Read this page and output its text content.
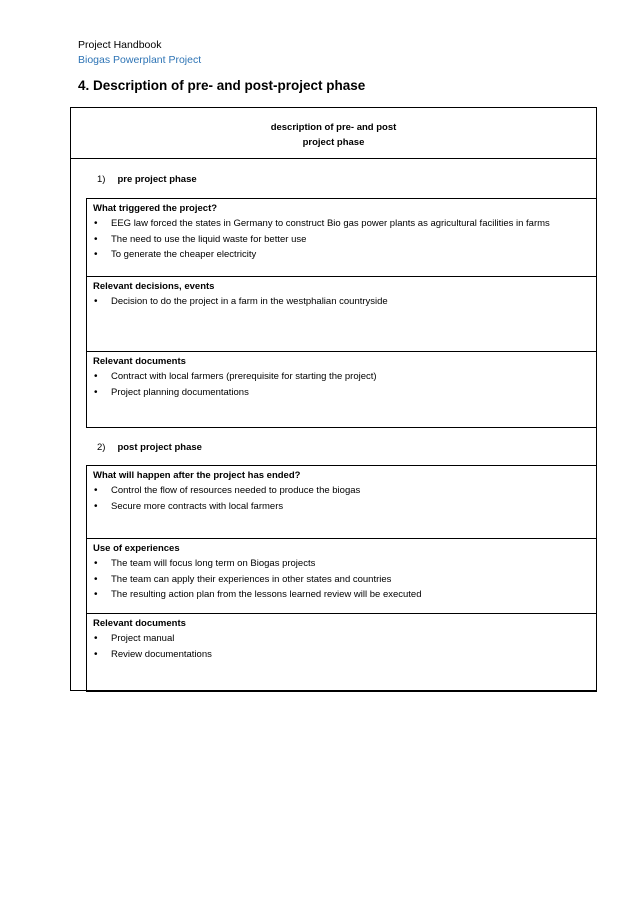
Project Handbook
Biogas Powerplant Project
4. Description of pre- and post-project phase
description of pre- and post
project phase
1) pre project phase
What triggered the project?
• EEG law forced the states in Germany to construct Bio gas power plants as agricultural facilities in farms
• The need to use the liquid waste for better use
• To generate the cheaper electricity
Relevant decisions, events
• Decision to do the project in a farm in the westphalian countryside
Relevant documents
• Contract with local farmers (prerequisite for starting the project)
• Project planning documentations
2) post project phase
What will happen after the project has ended?
• Control the flow of resources needed to produce the biogas
• Secure more contracts with local farmers
Use of experiences
• The team will focus long term on Biogas projects
• The team can apply their experiences in other states and countries
• The resulting action plan from the lessons learned review will be executed
Relevant documents
• Project manual
• Review documentations
